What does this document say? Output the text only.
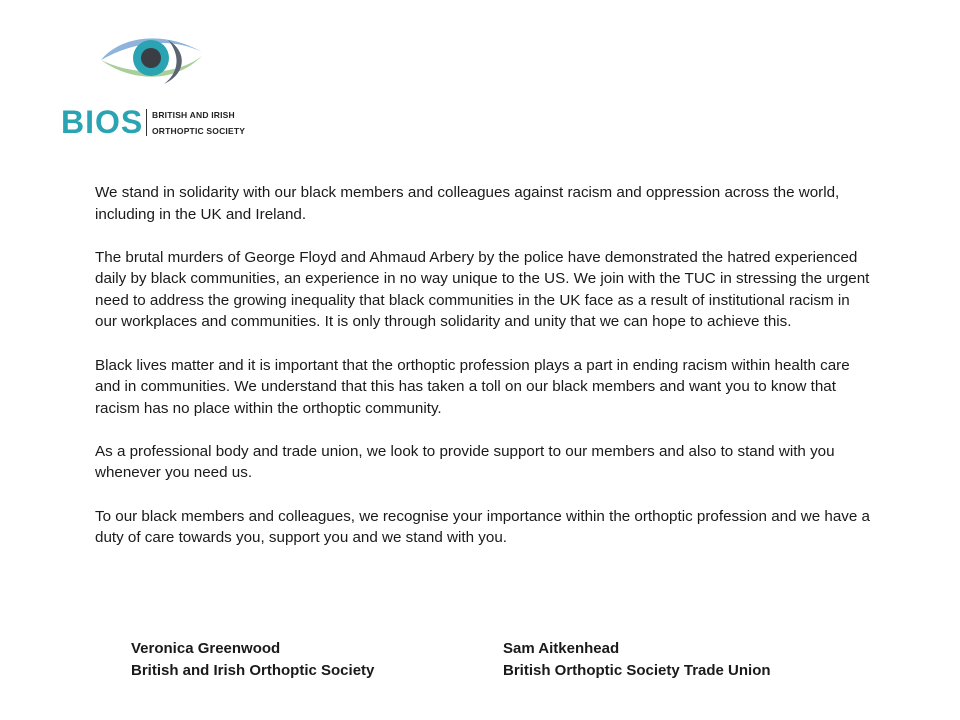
BIOS BRITISH AND IRISH
ORTHOPTIC SOCIETY

We stand in solidarity with our black members and colleagues against racism and oppression across the world, including in the UK and Ireland.

The brutal murders of George Floyd and Ahmaud Arbery by the police have demonstrated the hatred experienced daily by black communities, an experience in no way unique to the US. We join with the TUC in stressing the urgent need to address the growing inequality that black communities in the UK face as a result of institutional racism in our workplaces and communities. It is only through solidarity and unity that we can hope to achieve this.

Black lives matter and it is important that the orthoptic profession plays a part in ending racism within health care and in communities. We understand that this has taken a toll on our black members and want you to know that racism has no place within the orthoptic community.

As a professional body and trade union, we look to provide support to our members and also to stand with you whenever you need us.

To our black members and colleagues, we recognise your importance within the orthoptic profession and we have a duty of care towards you, support you and we stand with you.

Veronica Greenwood
British and Irish Orthoptic Society
Sam Aitkenhead
British Orthoptic Society Trade Union
